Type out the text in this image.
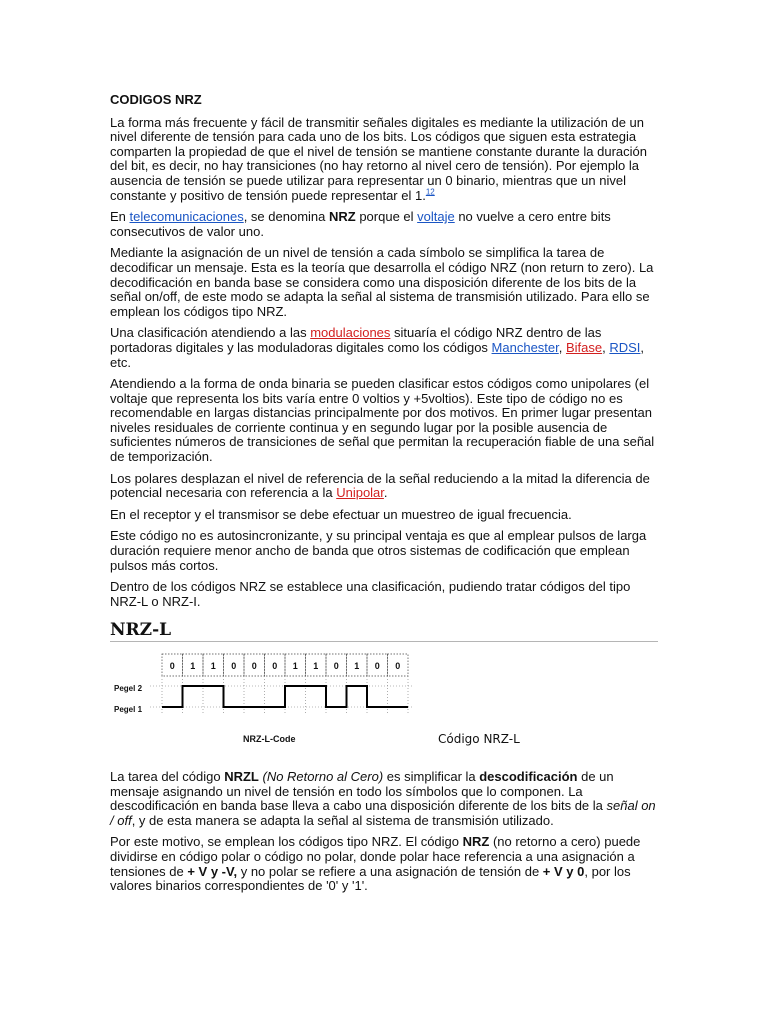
CODIGOS NRZ

La forma más frecuente y fácil de transmitir señales digitales es mediante la utilización de un nivel diferente de tensión para cada uno de los bits. Los códigos que siguen esta estrategia comparten la propiedad de que el nivel de tensión se mantiene constante durante la duración del bit, es decir, no hay transiciones (no hay retorno al nivel cero de tensión). Por ejemplo la ausencia de tensión se puede utilizar para representar un 0 binario, mientras que un nivel constante y positivo de tensión puede representar el 1.12

En telecomunicaciones, se denomina NRZ porque el voltaje no vuelve a cero entre bits consecutivos de valor uno.

Mediante la asignación de un nivel de tensión a cada símbolo se simplifica la tarea de decodificar un mensaje. Esta es la teoría que desarrolla el código NRZ (non return to zero). La decodificación en banda base se considera como una disposición diferente de los bits de la señal on/off, de este modo se adapta la señal al sistema de transmisión utilizado. Para ello se emplean los códigos tipo NRZ.

Una clasificación atendiendo a las modulaciones situaría el código NRZ dentro de las portadoras digitales y las moduladoras digitales como los códigos Manchester, Bifase, RDSI, etc.

Atendiendo a la forma de onda binaria se pueden clasificar estos códigos como unipolares (el voltaje que representa los bits varía entre 0 voltios y +5voltios). Este tipo de código no es recomendable en largas distancias principalmente por dos motivos. En primer lugar presentan niveles residuales de corriente continua y en segundo lugar por la posible ausencia de suficientes números de transiciones de señal que permitan la recuperación fiable de una señal de temporización.

Los polares desplazan el nivel de referencia de la señal reduciendo a la mitad la diferencia de potencial necesaria con referencia a la Unipolar.

En el receptor y el transmisor se debe efectuar un muestreo de igual frecuencia.

Este código no es autosincronizante, y su principal ventaja es que al emplear pulsos de larga duración requiere menor ancho de banda que otros sistemas de codificación que emplean pulsos más cortos.

Dentro de los códigos NRZ se establece una clasificación, pudiendo tratar códigos del tipo NRZ-L o NRZ-I.

NRZ-L
0 1 1 0 0 0 1 1 0 1 0 0
Pegel 2
Pegel 1
NRZ-L-Code	Código NRZ-L

La tarea del código NRZL (No Retorno al Cero) es simplificar la descodificación de un mensaje asignando un nivel de tensión en todo los símbolos que lo componen. La descodificación en banda base lleva a cabo una disposición diferente de los bits de la señal on / off, y de esta manera se adapta la señal al sistema de transmisión utilizado.

Por este motivo, se emplean los códigos tipo NRZ. El código NRZ (no retorno a cero) puede dividirse en código polar o código no polar, donde polar hace referencia a una asignación a tensiones de + V y -V, y no polar se refiere a una asignación de tensión de + V y 0, por los valores binarios correspondientes de '0' y '1'.
